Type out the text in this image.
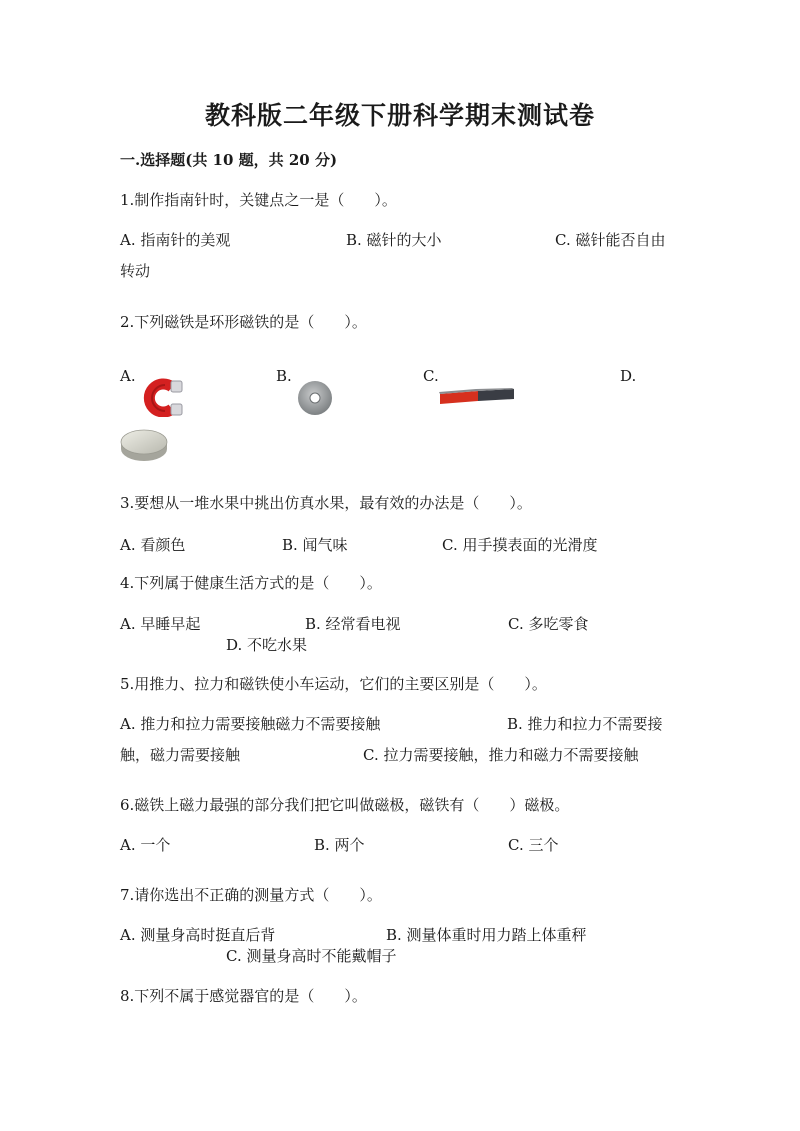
教科版二年级下册科学期末测试卷
一.选择题(共 10 题，共 20 分)
1.制作指南针时，关键点之一是（　　）。
A. 指南针的美观	B. 磁针的大小	C. 磁针能否自由
转动
2.下列磁铁是环形磁铁的是（　　）。
A.	B.	C.	D.
3.要想从一堆水果中挑出仿真水果，最有效的办法是（　　）。
A. 看颜色	B. 闻气味	C. 用手摸表面的光滑度
4.下列属于健康生活方式的是（　　）。
A. 早睡早起	B. 经常看电视	C. 多吃零食
D. 不吃水果
5.用推力、拉力和磁铁使小车运动，它们的主要区别是（　　）。
A. 推力和拉力需要接触磁力不需要接触	B. 推力和拉力不需要接
触，磁力需要接触	C. 拉力需要接触，推力和磁力不需要接触
6.磁铁上磁力最强的部分我们把它叫做磁极，磁铁有（　　）磁极。
A. 一个	B. 两个	C. 三个
7.请你选出不正确的测量方式（　　）。
A. 测量身高时挺直后背	B. 测量体重时用力踏上体重秤
C. 测量身高时不能戴帽子
8.下列不属于感觉器官的是（　　）。
